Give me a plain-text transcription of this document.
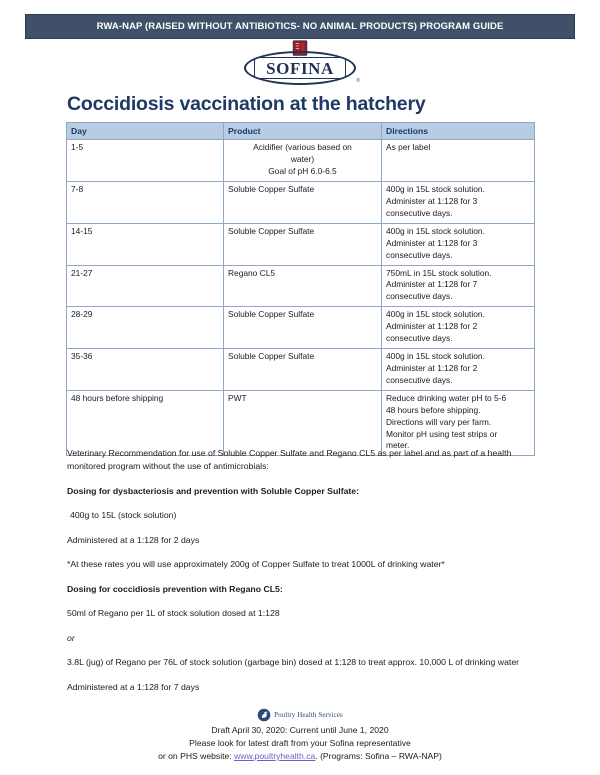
RWA-NAP (RAISED WITHOUT ANTIBIOTICS- NO ANIMAL PRODUCTS) PROGRAM GUIDE
SOFINA
®
Coccidiosis vaccination at the hatchery
Day	Product	Directions
1-5	Acidifier (various based on
water)
Goal of pH 6.0-6.5	As per label

7-8	Soluble Copper Sulfate	400g in 15L stock solution.
Administer at 1:128 for 3
consecutive days.

14-15	Soluble Copper Sulfate	400g in 15L stock solution.
Administer at 1:128 for 3
consecutive days.

21-27	Regano CL5	750mL in 15L stock solution.
Administer at 1:128 for 7
consecutive days.

28-29	Soluble Copper Sulfate	400g in 15L stock solution.
Administer at 1:128 for 2
consecutive days.

35-36	Soluble Copper Sulfate	400g in 15L stock solution.
Administer at 1:128 for 2
consecutive days.

48 hours before shipping	PWT	Reduce drinking water pH to 5-6
48 hours before shipping.
Directions will vary per farm.
Monitor pH using test strips or
meter.

Veterinary Recommendation for use of Soluble Copper Sulfate and Regano CL5 as per label and as part of a health monitored program without the use of antimicrobials:

Dosing for dysbacteriosis and prevention with Soluble Copper Sulfate:

400g to 15L (stock solution)

Administered at a 1:128 for 2 days

*At these rates you will use approximately 200g of Copper Sulfate to treat 1000L of drinking water*

Dosing for coccidiosis prevention with Regano CL5:

50ml of Regano per 1L of stock solution dosed at 1:128

or

3.8L (jug) of Regano per 76L of stock solution (garbage bin) dosed at 1:128 to treat approx. 10,000 L of drinking water

Administered at a 1:128 for 7 days

Poultry Health Services
Draft April 30, 2020: Current until June 1, 2020
Please look for latest draft from your Sofina representative
or on PHS website: www.poultryhealth.ca. (Programs: Sofina – RWA-NAP)
